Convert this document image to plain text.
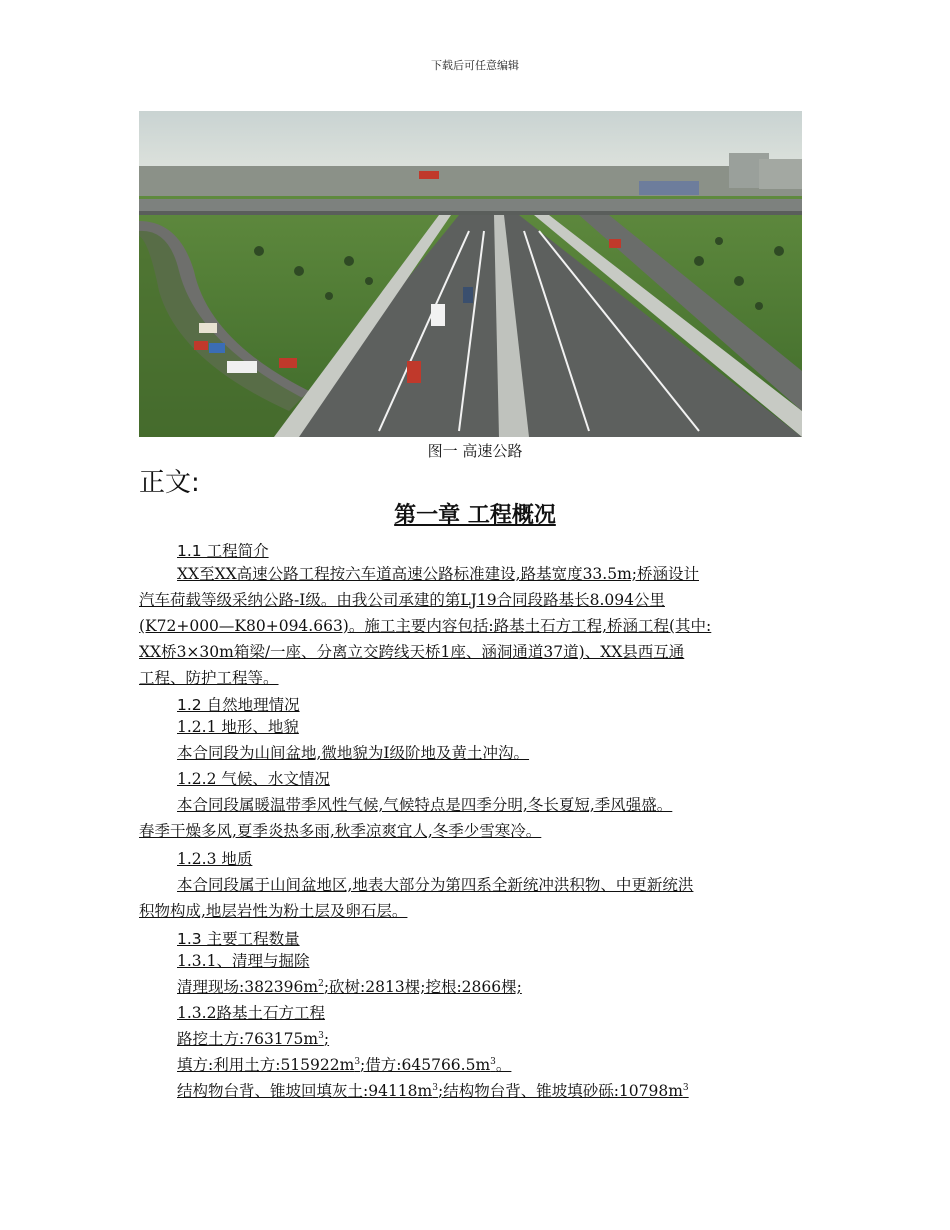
下载后可任意编辑
图一 高速公路
正文:
第一章 工程概况
1.1 工程简介
XX至XX高速公路工程按六车道高速公路标准建设,路基宽度33.5m;桥涵设计
汽车荷载等级采纳公路-I级。由我公司承建的第LJ19合同段路基长8.094公里
(K72+000—K80+094.663)。施工主要内容包括:路基土石方工程,桥涵工程(其中:
XX桥3×30m箱梁/一座、分离立交跨线天桥1座、涵洞通道37道)、XX县西互通
工程、防护工程等。
1.2 自然地理情况
1.2.1 地形、地貌
本合同段为山间盆地,微地貌为I级阶地及黄土冲沟。
1.2.2 气候、水文情况
本合同段属暖温带季风性气候,气候特点是四季分明,冬长夏短,季风强盛。
春季干燥多风,夏季炎热多雨,秋季凉爽宜人,冬季少雪寒冷。
1.2.3 地质
本合同段属于山间盆地区,地表大部分为第四系全新统冲洪积物、中更新统洪
积物构成,地层岩性为粉土层及卵石层。
1.3 主要工程数量
1.3.1、清理与掘除
清理现场$:382396m^2$;砍树:2813棵;挖根:2866棵;
1.3.2路基土石方工程
路挖土方$:763175m^3$;
填方:利用土方$:515922m^3$;借方$:645766.5m^3$。
结构物台背、锥坡回填灰土$:94118m^3$;结构物台背、锥坡填砂砾$:10798m^3$
